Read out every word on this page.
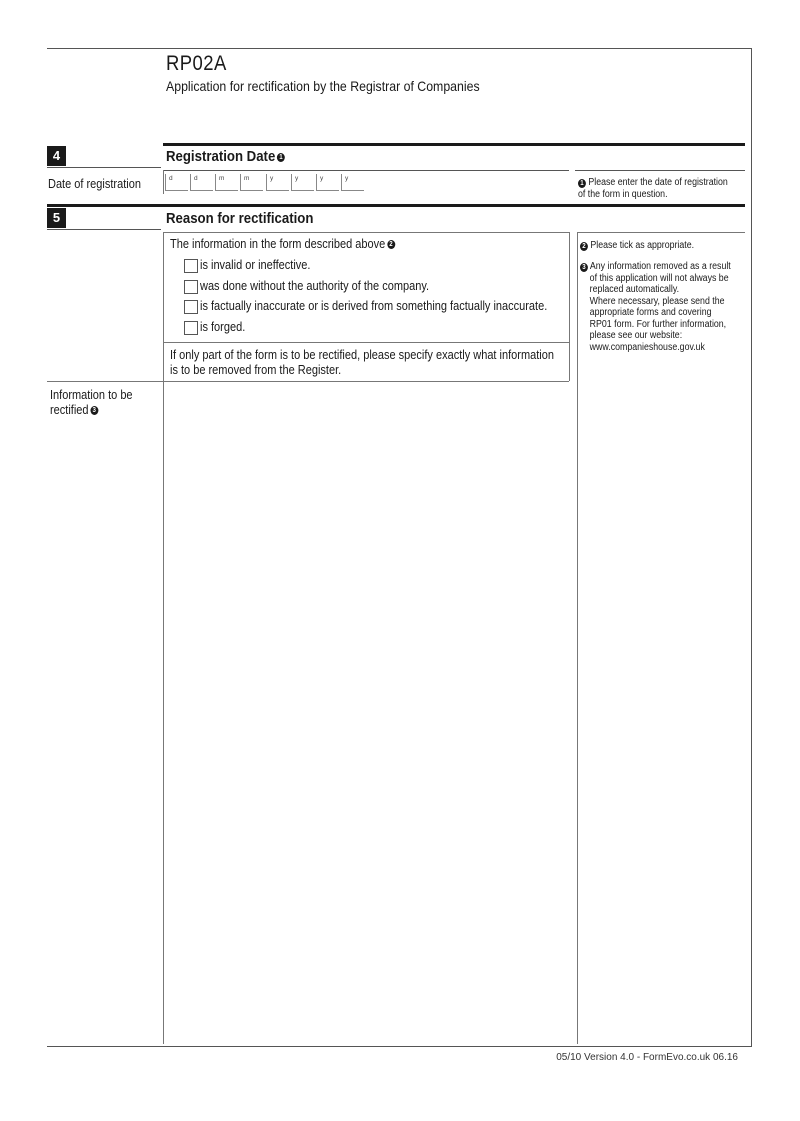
RP02A
Application for rectification by the Registrar of Companies
4	Registration Date 1
Date of registration	d	d	m	m	y	y	y	y
1 Please enter the date of registration of the form in question.
5	Reason for rectification
The information in the form described above 2
is invalid or ineffective.
was done without the authority of the company.
is factually inaccurate or is derived from something factually inaccurate.
is forged.
If only part of the form is to be rectified, please specify exactly what information is to be removed from the Register.
Information to be rectified 3
2 Please tick as appropriate.
3 Any information removed as a result
of this application will not always be
replaced automatically.
Where necessary, please send the
appropriate forms and covering
RP01 form. For further information,
please see our website:
www.companieshouse.gov.uk
05/10 Version 4.0 - FormEvo.co.uk 06.16
